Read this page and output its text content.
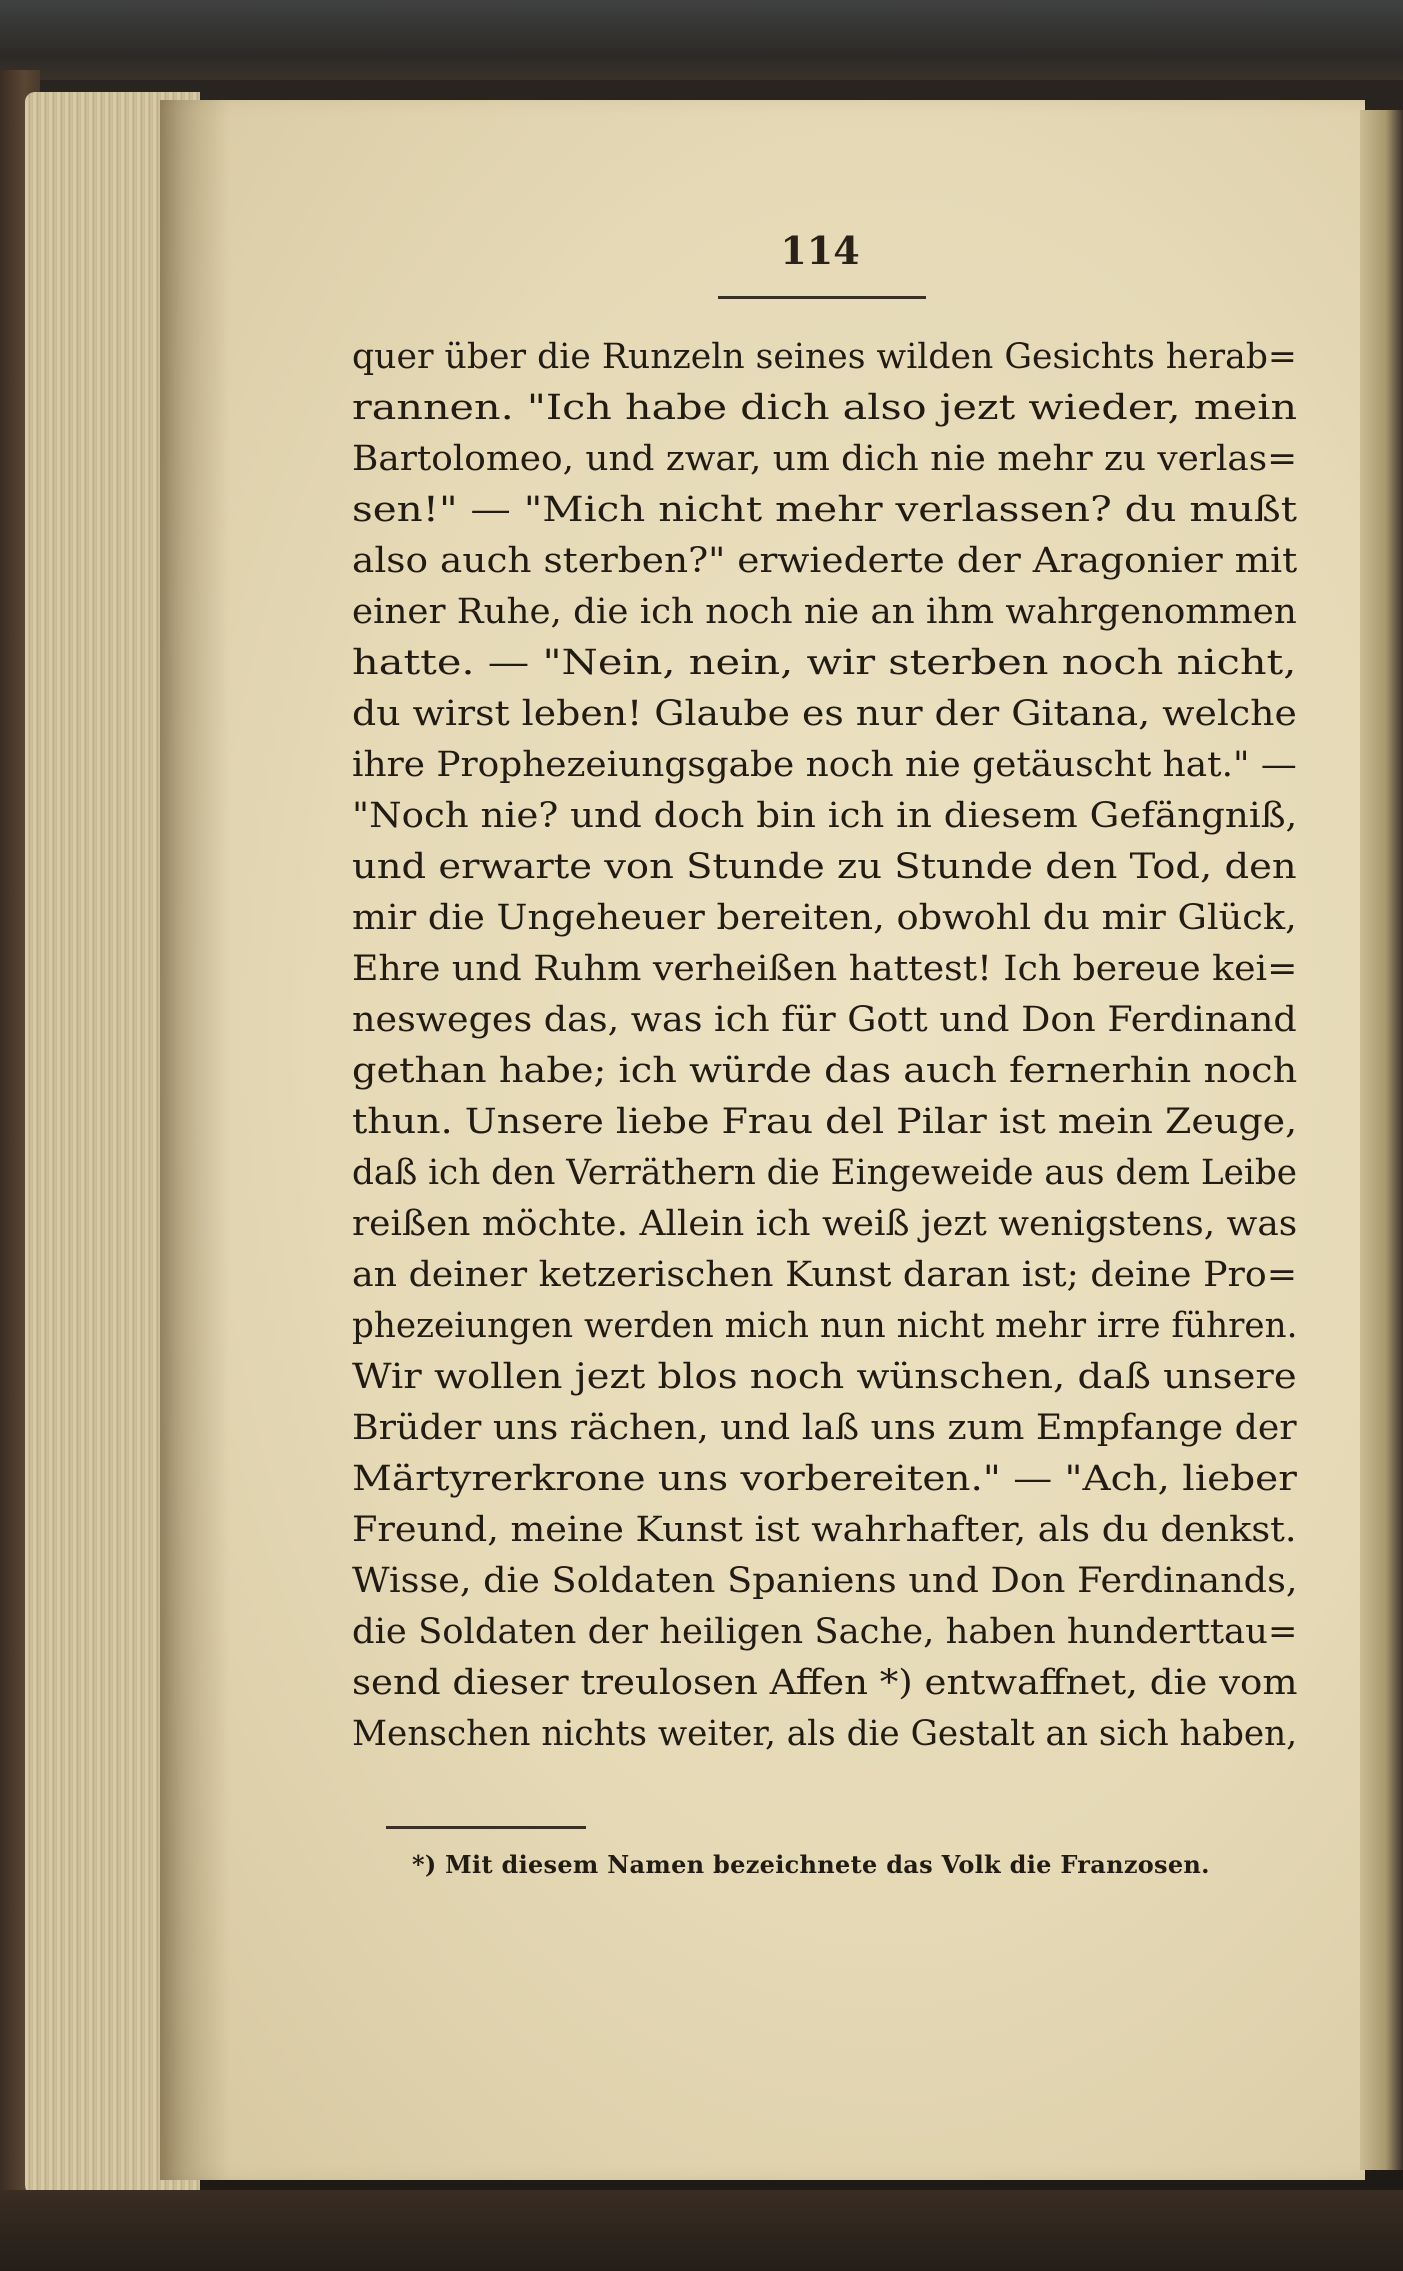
114
quer über die Runzeln seines wilden Gesichts herab=
rannen. "Ich habe dich also jezt wieder, mein
Bartolomeo, und zwar, um dich nie mehr zu verlas=
sen!" — "Mich nicht mehr verlassen? du mußt
also auch sterben?" erwiederte der Aragonier mit
einer Ruhe, die ich noch nie an ihm wahrgenommen
hatte. — "Nein, nein, wir sterben noch nicht,
du wirst leben! Glaube es nur der Gitana, welche
ihre Prophezeiungsgabe noch nie getäuscht hat." —
"Noch nie? und doch bin ich in diesem Gefängniß,
und erwarte von Stunde zu Stunde den Tod, den
mir die Ungeheuer bereiten, obwohl du mir Glück,
Ehre und Ruhm verheißen hattest! Ich bereue kei=
nesweges das, was ich für Gott und Don Ferdinand
gethan habe; ich würde das auch fernerhin noch
thun. Unsere liebe Frau del Pilar ist mein Zeuge,
daß ich den Verräthern die Eingeweide aus dem Leibe
reißen möchte. Allein ich weiß jezt wenigstens, was
an deiner ketzerischen Kunst daran ist; deine Pro=
phezeiungen werden mich nun nicht mehr irre führen.
Wir wollen jezt blos noch wünschen, daß unsere
Brüder uns rächen, und laß uns zum Empfange der
Märtyrerkrone uns vorbereiten." — "Ach, lieber
Freund, meine Kunst ist wahrhafter, als du denkst.
Wisse, die Soldaten Spaniens und Don Ferdinands,
die Soldaten der heiligen Sache, haben hunderttau=
send dieser treulosen Affen *) entwaffnet, die vom
Menschen nichts weiter, als die Gestalt an sich haben,
*) Mit diesem Namen bezeichnete das Volk die Franzosen.
